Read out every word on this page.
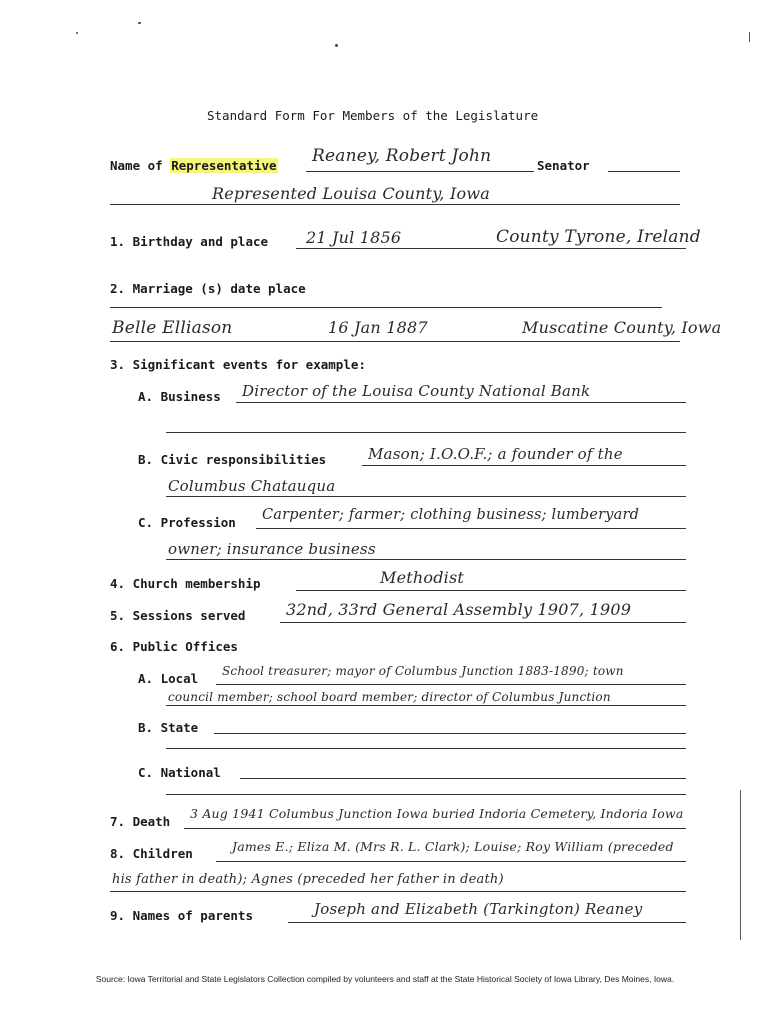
Standard Form For Members of the Legislature
Name of Representative Reaney, Robert John	Senator
Represented Louisa County, Iowa
1. Birthday and place 21 Jul 1856	County Tyrone, Ireland
2. Marriage (s) date place
Belle Elliason	16 Jan 1887	Muscatine County, Iowa
3. Significant events for example:
A. Business Director of the Louisa County National Bank
B. Civic responsibilities	Mason; I.O.O.F.; a founder of the
Columbus Chatauqua
C. Profession Carpenter; farmer; clothing business; lumberyard
owner; insurance business
4. Church membership	Methodist
5. Sessions served	32nd, 33rd General Assembly 1907, 1909
6. Public Offices
A. Local School treasurer; mayor of Columbus Junction 1883-1890; town
council member; school board member; director of Columbus Junction
B. State
C. National
7. Death
3 Aug 1941 Columbus Junction Iowa buried Indoria Cemetery, Indoria Iowa
8. Children	James E.; Eliza M. (Mrs R. L. Clark); Louise; Roy William (preceded
his father in death); Agnes (preceded her father in death)
9. Names of parents	Joseph and Elizabeth (Tarkington) Reaney
Source: Iowa Territorial and State Legislators Collection compiled by volunteers and staff at the State Historical Society of Iowa Library, Des Moines, Iowa.
